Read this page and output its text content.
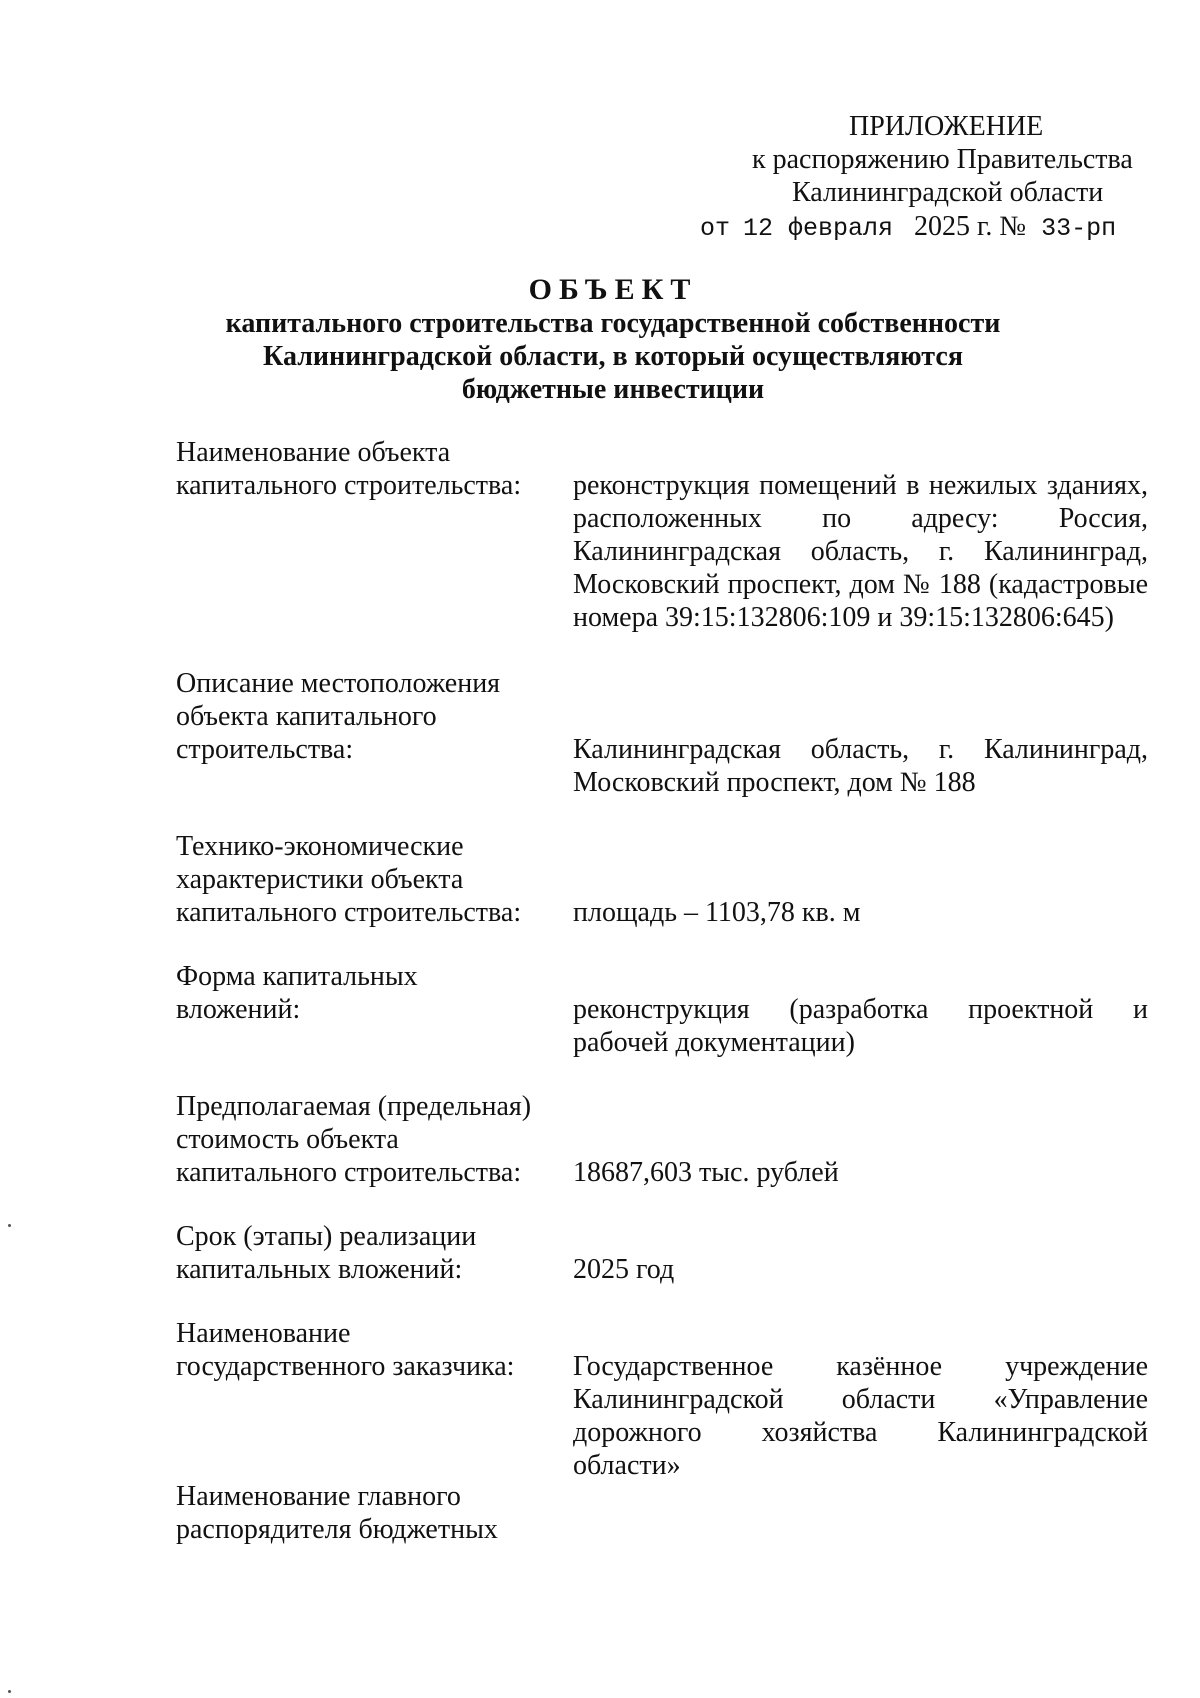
ПРИЛОЖЕНИЕ
к распоряжению Правительства
Калининградской области
от 12 февраля 2025 г. № 33-рп
ОБЪЕКТ
капитального строительства государственной собственности
Калининградской области, в который осуществляются
бюджетные инвестиции
Наименование объекта
капитального строительства:	реконструкция помещений в нежилых зданиях, расположенных по адресу: Россия, Калининградская область, г. Калининград, Московский проспект, дом № 188 (кадастровые номера 39:15:132806:109 и 39:15:132806:645)
Описание местоположения
объекта капитального
строительства:	Калининградская область, г. Калининград, Московский проспект, дом № 188
Технико-экономические
характеристики объекта
капитального строительства:	площадь – 1103,78 кв. м
Форма капитальных
вложений:	реконструкция (разработка проектной и рабочей документации)
Предполагаемая (предельная)
стоимость объекта
капитального строительства:	18687,603 тыс. рублей
Срок (этапы) реализации
капитальных вложений:	2025 год
Наименование
государственного заказчика:	Государственное казённое учреждение Калининградской области «Управление дорожного хозяйства Калининградской области»
Наименование главного
распорядителя бюджетных
